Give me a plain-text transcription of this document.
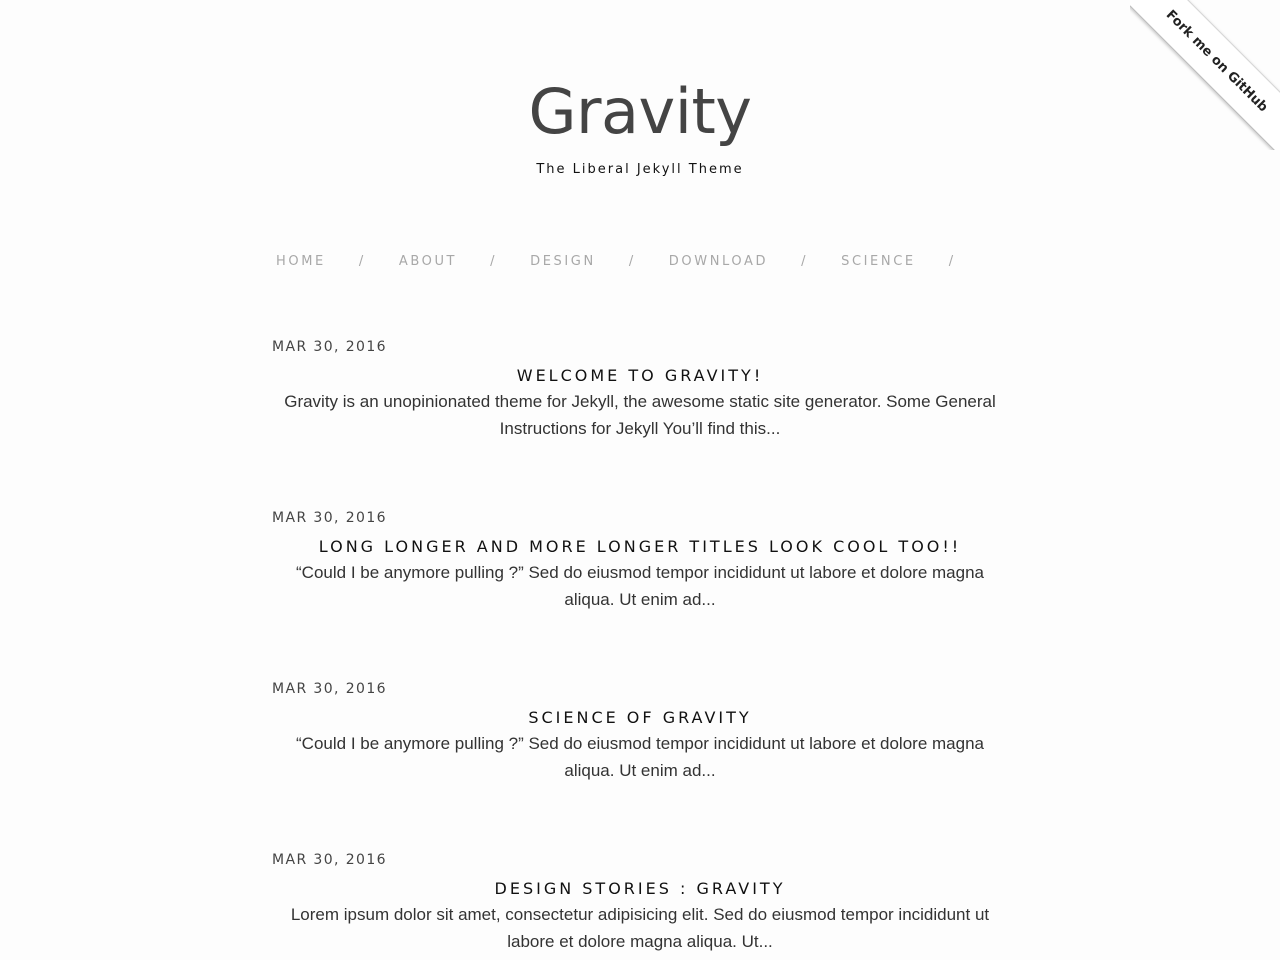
Gravity
The Liberal Jekyll Theme
HOME	/	ABOUT	/	DESIGN	/	DOWNLOAD	/	SCIENCE	/
MAR 30, 2016
WELCOME TO GRAVITY!

Gravity is an unopinionated theme for Jekyll, the awesome static site generator. Some General Instructions for Jekyll You’ll find this...

MAR 30, 2016
LONG LONGER AND MORE LONGER TITLES LOOK COOL TOO!!

“Could I be anymore pulling ?” Sed do eiusmod tempor incididunt ut labore et dolore magna aliqua. Ut enim ad...

MAR 30, 2016
SCIENCE OF GRAVITY

“Could I be anymore pulling ?” Sed do eiusmod tempor incididunt ut labore et dolore magna aliqua. Ut enim ad...

MAR 30, 2016
DESIGN STORIES : GRAVITY

Lorem ipsum dolor sit amet, consectetur adipisicing elit. Sed do eiusmod tempor incididunt ut labore et dolore magna aliqua. Ut...

Fork me on GitHub
